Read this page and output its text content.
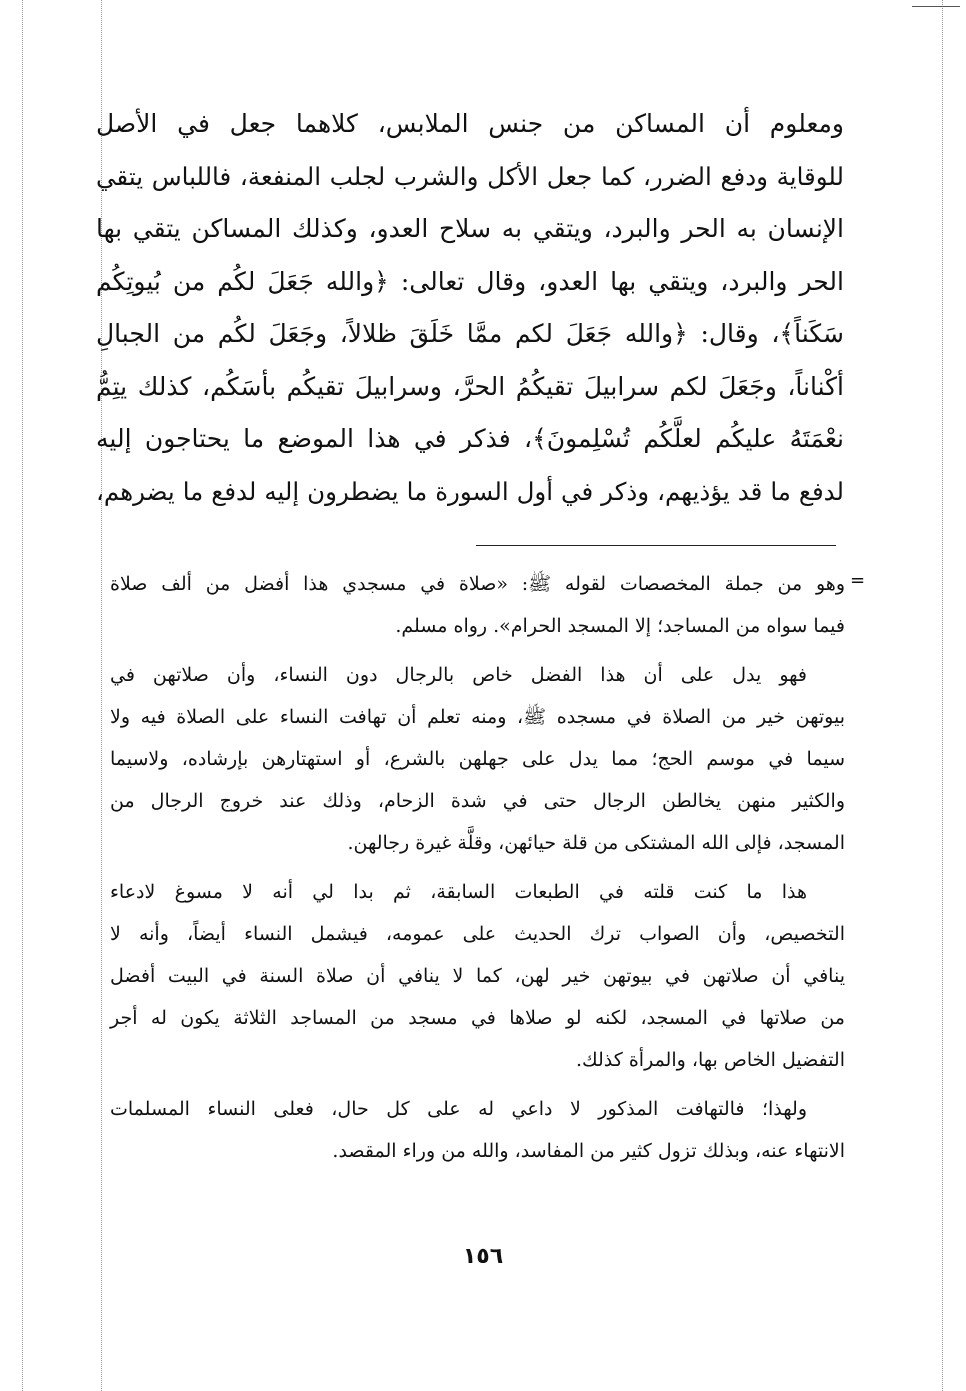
ومعلوم أن المساكن من جنس الملابس، كلاهما جعل في الأصل
للوقاية ودفع الضرر، كما جعل الأكل والشرب لجلب المنفعة، فاللباس يتقي
الإنسان به الحر والبرد، ويتقي به سلاح العدو، وكذلك المساكن يتقي بها
الحر والبرد، ويتقي بها العدو، وقال تعالى: ﴿والله جَعَلَ لكُم من بُيوتِكُم
سَكَناً﴾، وقال: ﴿والله جَعَلَ لكم ممَّا خَلَقَ ظلالاً، وجَعَلَ لكُم من الجبالِ
أكْناناً، وجَعَلَ لكم سرابيلَ تقيكُمُ الحرَّ، وسرابيلَ تقيكُم بأسَكُم، كذلك يتِمُّ
نعْمَتَهُ عليكُم لعلَّكُم تُسْلِمونَ﴾، فذكر في هذا الموضع ما يحتاجون إليه
لدفع ما قد يؤذيهم، وذكر في أول السورة ما يضطرون إليه لدفع ما يضرهم،
=
وهو من جملة المخصصات لقوله ﷺ: «صلاة في مسجدي هذا أفضل من ألف صلاة
فيما سواه من المساجد؛ إلا المسجد الحرام». رواه مسلم.
فهو يدل على أن هذا الفضل خاص بالرجال دون النساء، وأن صلاتهن في
بيوتهن خير من الصلاة في مسجده ﷺ، ومنه تعلم أن تهافت النساء على الصلاة فيه ولا
سيما في موسم الحج؛ مما يدل على جهلهن بالشرع، أو استهتارهن بإرشاده، ولاسيما
والكثير منهن يخالطن الرجال حتى في شدة الزحام، وذلك عند خروج الرجال من
المسجد، فإلى الله المشتكى من قلة حيائهن، وقلَّة غيرة رجالهن.
هذا ما كنت قلته في الطبعات السابقة، ثم بدا لي أنه لا مسوغ لادعاء
التخصيص، وأن الصواب ترك الحديث على عمومه، فيشمل النساء أيضاً، وأنه لا
ينافي أن صلاتهن في بيوتهن خير لهن، كما لا ينافي أن صلاة السنة في البيت أفضل
من صلاتها في المسجد، لكنه لو صلاها في مسجد من المساجد الثلاثة يكون له أجر
التفضيل الخاص بها، والمرأة كذلك.
ولهذا؛ فالتهافت المذكور لا داعي له على كل حال، فعلى النساء المسلمات
الانتهاء عنه، وبذلك تزول كثير من المفاسد، والله من وراء المقصد.
١٥٦
